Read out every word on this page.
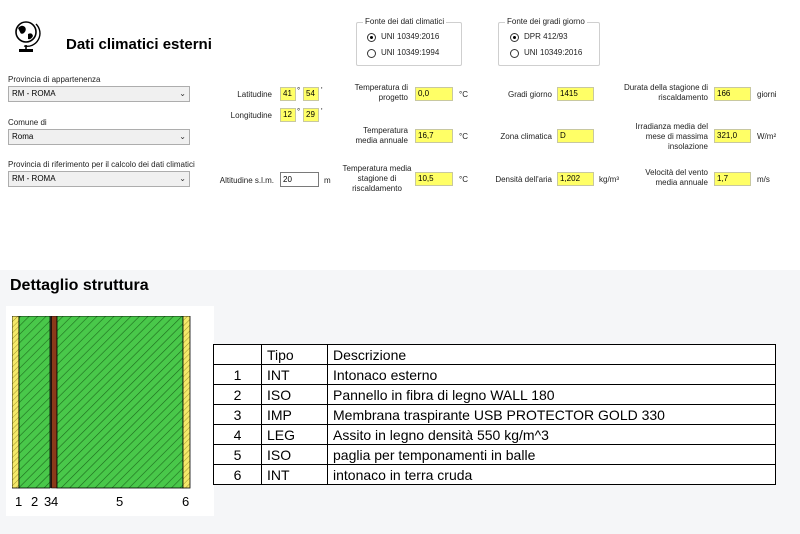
Dati climatici esterni
Fonte dei dati climatici
UNI 10349:2016
UNI 10349:1994
Fonte dei gradi giorno
DPR 412/93
UNI 10349:2016
Provincia di appartenenza
RM - ROMA	⌄
Comune di
Roma	⌄
Provincia di riferimento per il calcolo dei dati climatici
RM - ROMA	⌄
Latitudine	41 ° 54 '
Longitudine	12 ° 29 '
Altitudine s.l.m.	20	m
Temperatura di progetto	0,0	°C
Temperatura media annuale
16,7	°C
Temperatura media stagione di riscaldamento
10,5	°C
Gradi giorno	1415
Zona climatica	D
Densità dell'aria	1,202	kg/m³
Durata della stagione di riscaldamento	166	giorni
Irradianza media del mese di massima insolazione
321,0	W/m²
Velocità del vento media annuale	1,7	m/s
Dettaglio struttura
1 2 3 4	5	6
	Tipo	Descrizione
1	INT	Intonaco esterno
2	ISO	Pannello in fibra di legno WALL 180
3	IMP	Membrana traspirante USB PROTECTOR GOLD 330
4	LEG	Assito in legno densità 550 kg/m^3
5	ISO	paglia per temponamenti in balle
6	INT	intonaco in terra cruda
